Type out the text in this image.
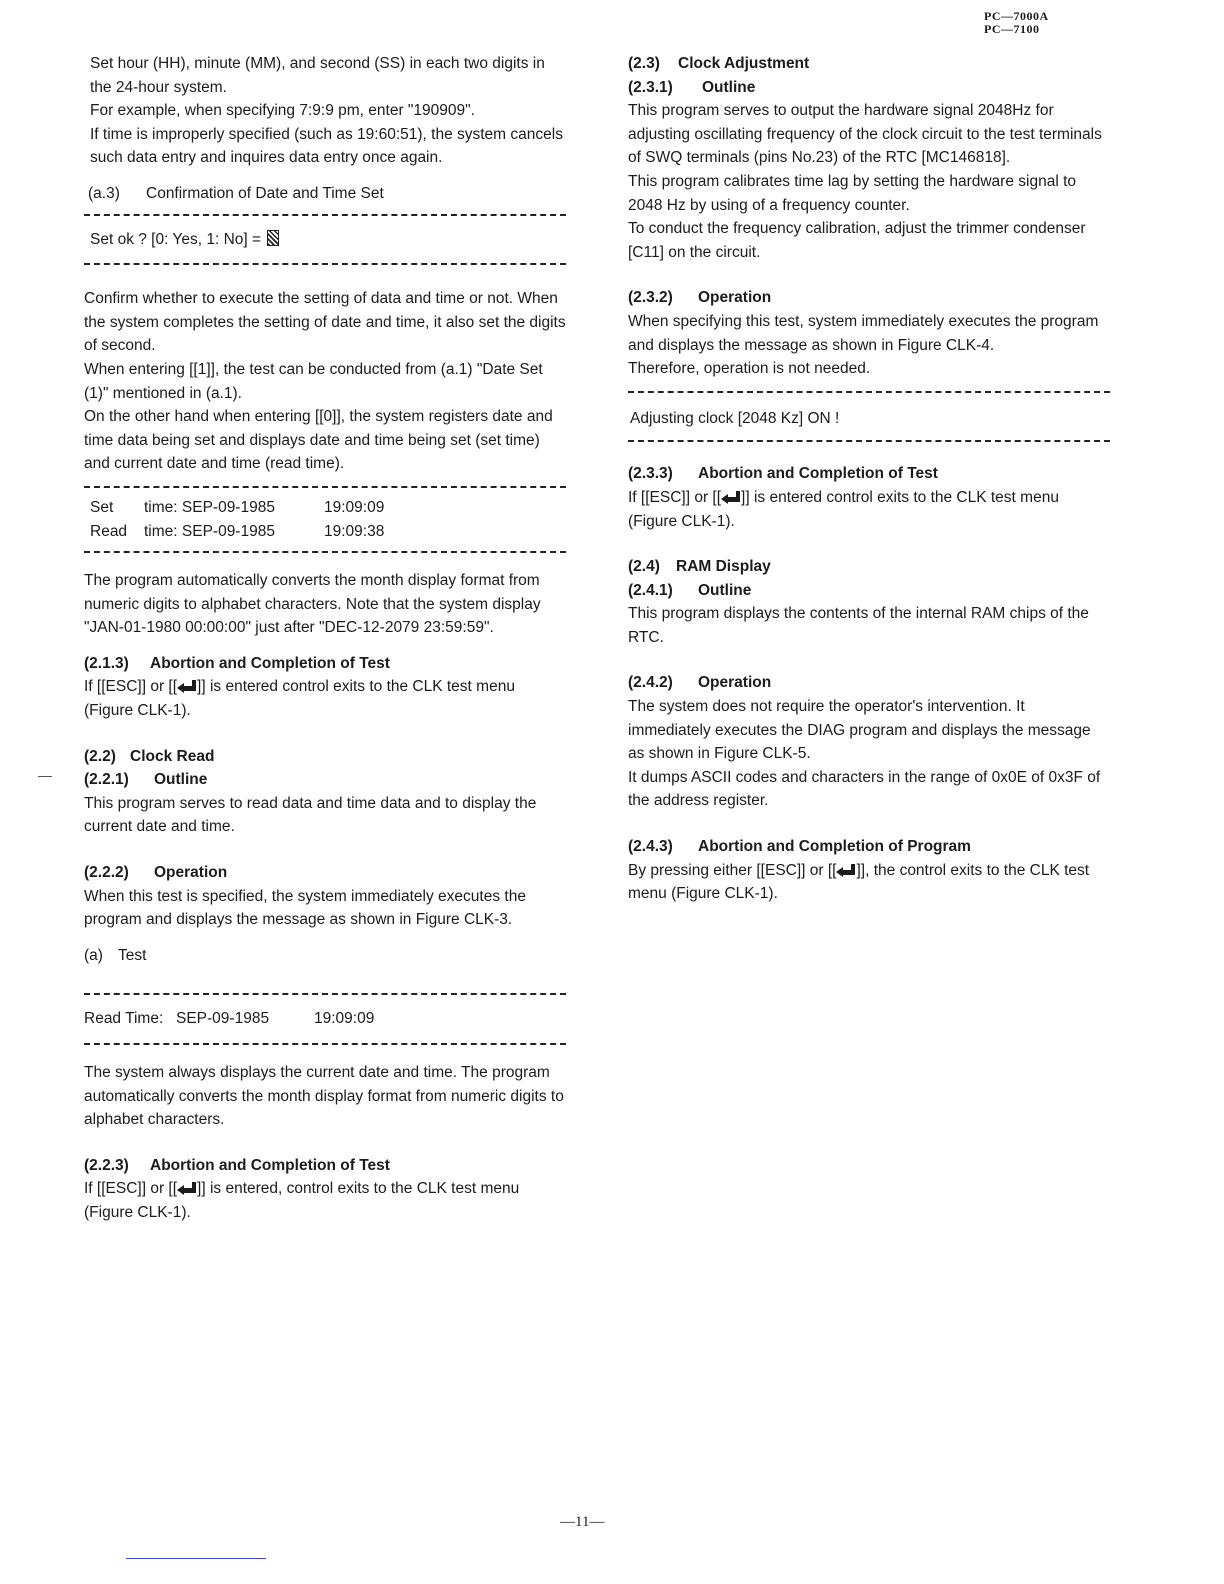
PC—7000A
PC—7100

Set hour (HH), minute (MM), and second (SS) in each two digits in the 24-hour system.

For example, when specifying 7:9:9 pm, enter "190909".

If time is improperly specified (such as 19:60:51), the system cancels such data entry and inquires data entry once again.

(a.3) Confirmation of Date and Time Set

Set ok ? [0: Yes, 1: No] =

Confirm whether to execute the setting of data and time or not. When the system completes the setting of date and time, it also set the digits of second.

When entering [[1]], the test can be conducted from (a.1) "Date Set (1)" mentioned in (a.1).

On the other hand when entering [[0]], the system registers date and time data being set and displays date and time being set (set time) and current date and time (read time).

Set time: SEP-09-1985	19:09:09
Read time: SEP-09-1985	19:09:38

The program automatically converts the month display format from numeric digits to alphabet characters. Note that the system display "JAN-01-1980 00:00:00" just after "DEC-12-2079 23:59:59".

(2.1.3) Abortion and Completion of Test

If [[ESC]] or [[ ]] is entered control exits to the CLK test menu (Figure CLK-1).

(2.2) Clock Read

(2.2.1) Outline

This program serves to read data and time data and to display the current date and time.

(2.2.2) Operation

When this test is specified, the system immediately executes the program and displays the message as shown in Figure CLK-3.

(a) Test

Read Time: SEP-09-1985	19:09:09

The system always displays the current date and time. The program automatically converts the month display format from numeric digits to alphabet characters.

(2.2.3) Abortion and Completion of Test

If [[ESC]] or [[ ]] is entered, control exits to the CLK test menu (Figure CLK-1).

(2.3) Clock Adjustment

(2.3.1) Outline

This program serves to output the hardware signal 2048Hz for adjusting oscillating frequency of the clock circuit to the test terminals of SWQ terminals (pins No.23) of the RTC [MC146818].

This program calibrates time lag by setting the hardware signal to 2048 Hz by using of a frequency counter.

To conduct the frequency calibration, adjust the trimmer condenser [C11] on the circuit.

(2.3.2) Operation

When specifying this test, system immediately executes the program and displays the message as shown in Figure CLK-4.

Therefore, operation is not needed.

Adjusting clock [2048 Kz] ON !

(2.3.3) Abortion and Completion of Test

If [[ESC]] or [[ ]] is entered control exits to the CLK test menu (Figure CLK-1).

(2.4) RAM Display

(2.4.1) Outline

This program displays the contents of the internal RAM chips of the RTC.

(2.4.2) Operation

The system does not require the operator's intervention. It immediately executes the DIAG program and displays the message as shown in Figure CLK-5.

It dumps ASCII codes and characters in the range of 0x0E of 0x3F of the address register.

(2.4.3) Abortion and Completion of Program

By pressing either [[ESC]] or [[ ]], the control exits to the CLK test menu (Figure CLK-1).

—11—
